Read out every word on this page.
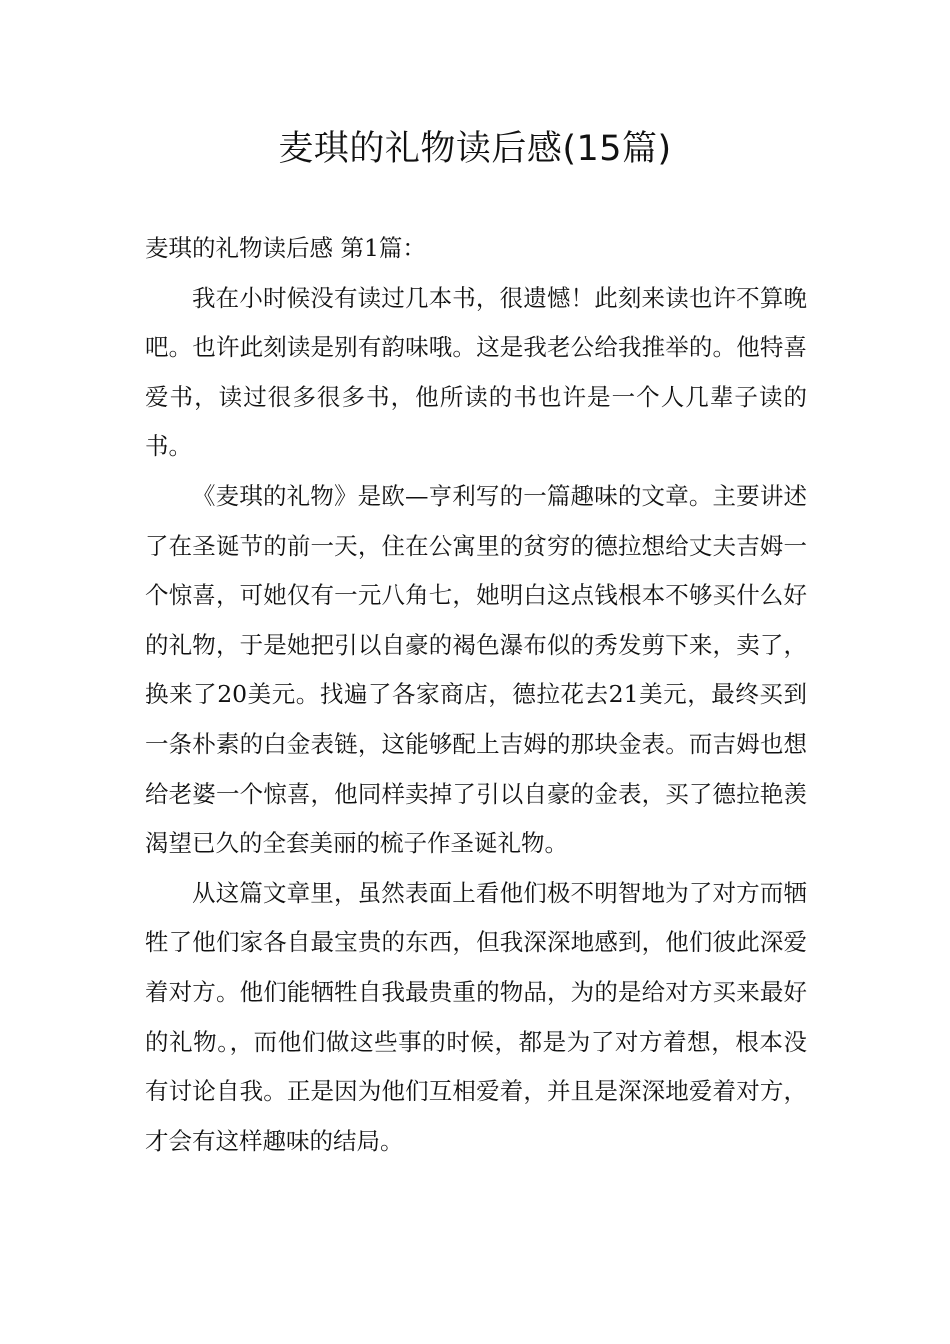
麦琪的礼物读后感(15篇)

麦琪的礼物读后感 第1篇：

我在小时候没有读过几本书，很遗憾！此刻来读也许不算晚吧。也许此刻读是别有韵味哦。这是我老公给我推举的。他特喜爱书，读过很多很多书，他所读的书也许是一个人几辈子读的书。

《麦琪的礼物》是欧—亨利写的一篇趣味的文章。主要讲述了在圣诞节的前一天，住在公寓里的贫穷的德拉想给丈夫吉姆一个惊喜，可她仅有一元八角七，她明白这点钱根本不够买什么好的礼物，于是她把引以自豪的褐色瀑布似的秀发剪下来，卖了，换来了20美元。找遍了各家商店，德拉花去21美元，最终买到一条朴素的白金表链，这能够配上吉姆的那块金表。而吉姆也想给老婆一个惊喜，他同样卖掉了引以自豪的金表，买了德拉艳羡渴望已久的全套美丽的梳子作圣诞礼物。

从这篇文章里，虽然表面上看他们极不明智地为了对方而牺牲了他们家各自最宝贵的东西，但我深深地感到，他们彼此深爱着对方。他们能牺牲自我最贵重的物品，为的是给对方买来最好的礼物。，而他们做这些事的时候，都是为了对方着想，根本没有讨论自我。正是因为他们互相爱着，并且是深深地爱着对方，才会有这样趣味的结局。
